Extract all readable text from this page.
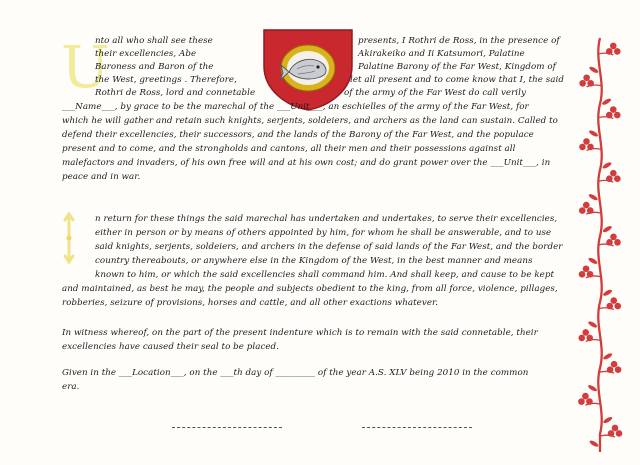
U

nto all who shall see these	presents, I Rothri de Ross, in the presence of

their excellencies, Abe	Akirakeiko and Ii Katsumori, Palatine

Baroness and Baron of the	Palatine Barony of the Far West, Kingdom of

the West, greetings . Therefore,	let all present and to come know that I, the said

Rothri de Ross, lord and connetable	of the army of the Far West do call verily

___Name___, by grace to be the marechal of the ___Unit___, an eschielles of the army of the Far West, for

which he will gather and retain such knights, serjents, soldeiers, and archers as the land can sustain. Called to

defend their excellencies, their successors, and the lands of the Barony of the Far West, and the populace

present and to come, and the strongholds and cantons, all their men and their possessions against all

malefactors and invaders, of his own free will and at his own cost; and do grant power over the ___Unit___, in

peace and in war.

n return for these things the said marechal has undertaken and undertakes, to serve their excellencies,

either in person or by means of others appointed by him, for whom he shall be answerable, and to use

said knights, serjents, soldeiers, and archers in the defense of said lands of the Far West, and the border

country thereabouts, or anywhere else in the Kingdom of the West, in the best manner and means

known to him, or which the said excellencies shall command him. And shall keep, and cause to be kept

and maintained, as best he may, the people and subjects obedient to the king, from all force, violence, pillages,

robberies, seizure of provisions, horses and cattle, and all other exactions whatever.

In witness whereof, on the part of the present indenture which is to remain with the said connetable, their

excellencies have caused their seal to be placed.

Given in the ___Location___, on the ___th day of _________ of the year A.S. XLV being 2010 in the common

era.
